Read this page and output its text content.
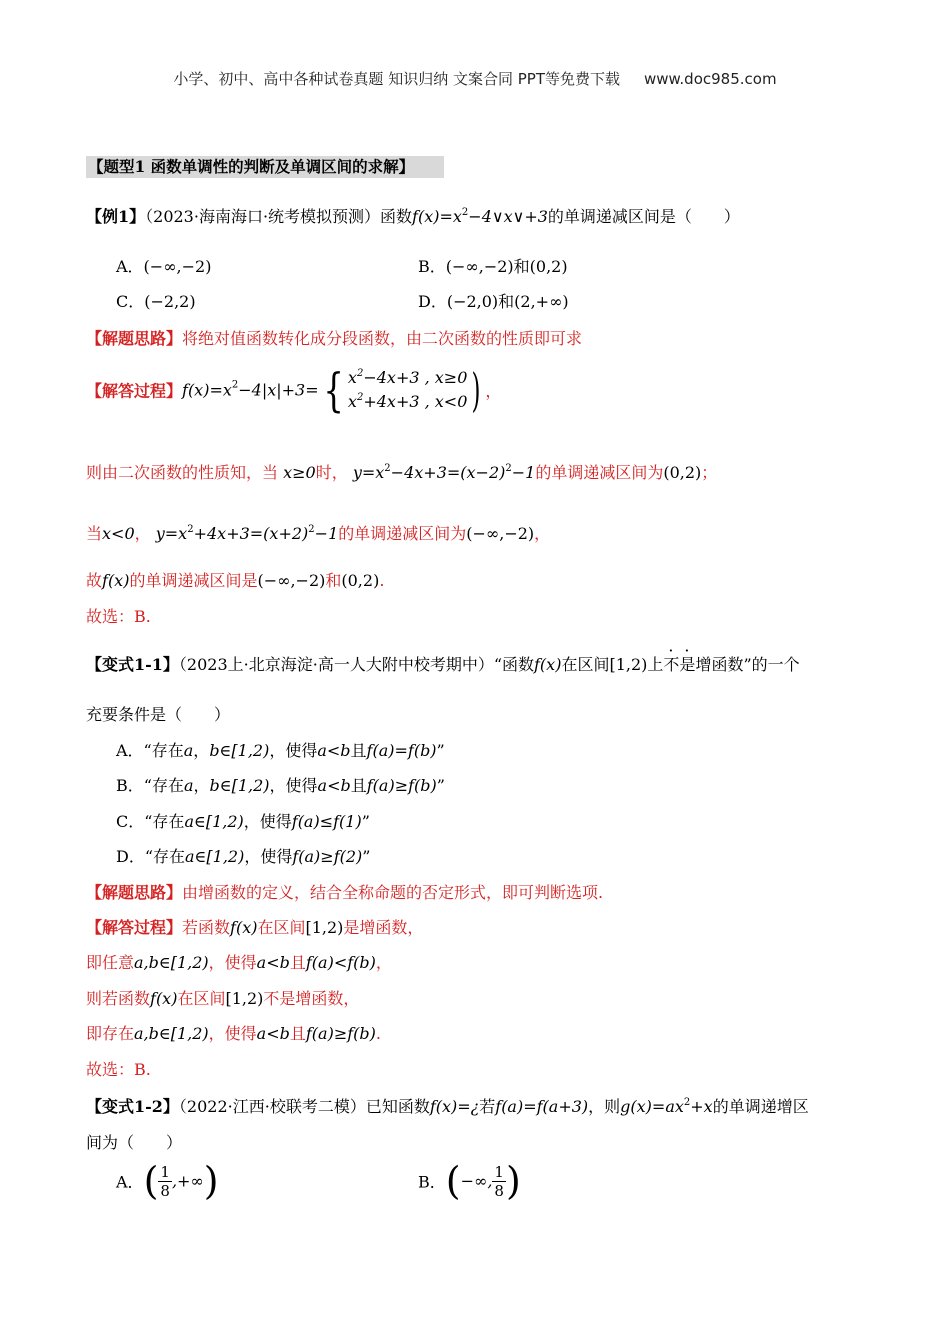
小学、初中、高中各种试卷真题 知识归纳 文案合同 PPT等免费下载 www.doc985.com
【题型1 函数单调性的判断及单调区间的求解】
【例1】（2023·海南海口·统考模拟预测）函数$f(x)=x^2-4\vee x\vee+3$的单调递减区间是（　　）
A．(−∞,−2)	B．(−∞,−2)和(0,2)
C．(−2,2)	D．(−2,0)和(2,+∞)
【解题思路】将绝对值函数转化成分段函数，由二次函数的性质即可求
【解答过程】$f(x)=x^2-4|x|+3=${ $x^2-4x+3$ , x≥0
$x^2+4x+3$ , x<0 ) ，
则由二次函数的性质知，当 x≥0时， $y=x^2-4x+3=(x-2)^2-1$的单调递减区间为(0,2)；
当x<0， $y=x^2+4x+3=(x+2)^2-1$的单调递减区间为(−∞,−2)，
故f(x)的单调递减区间是(−∞,−2)和(0,2).
故选：B.
【变式1-1】（2023上·北京海淀·高一人大附中校考期中）“函数f(x)在区间[1,2)上不是增函数”的一个
充要条件是（　　）
A．“存在a，b∈[1,2)，使得a<b且f(a)=f(b)”
B．“存在a，b∈[1,2)，使得a<b且f(a)≥f(b)”
C．“存在a∈[1,2)，使得f(a)≤f(1)”
D．“存在a∈[1,2)，使得f(a)≥f(2)”
【解题思路】由增函数的定义，结合全称命题的否定形式，即可判断选项.
【解答过程】若函数f(x)在区间[1,2)是增函数，
即任意a,b∈[1,2)，使得a<b且f(a)<f(b)，
则若函数f(x)在区间[1,2)不是增函数，
即存在a,b∈[1,2)，使得a<b且f(a)≥f(b).
故选：B.
【变式1-2】（2022·江西·校联考二模）已知函数f(x)=¿若f(a)=f(a+3)，则$g(x)=ax^2+x$的单调递增区
间为（　　）
A．( $\frac{1}{8}$ ,+∞)	B．(−∞, $\frac{1}{8}$ )
